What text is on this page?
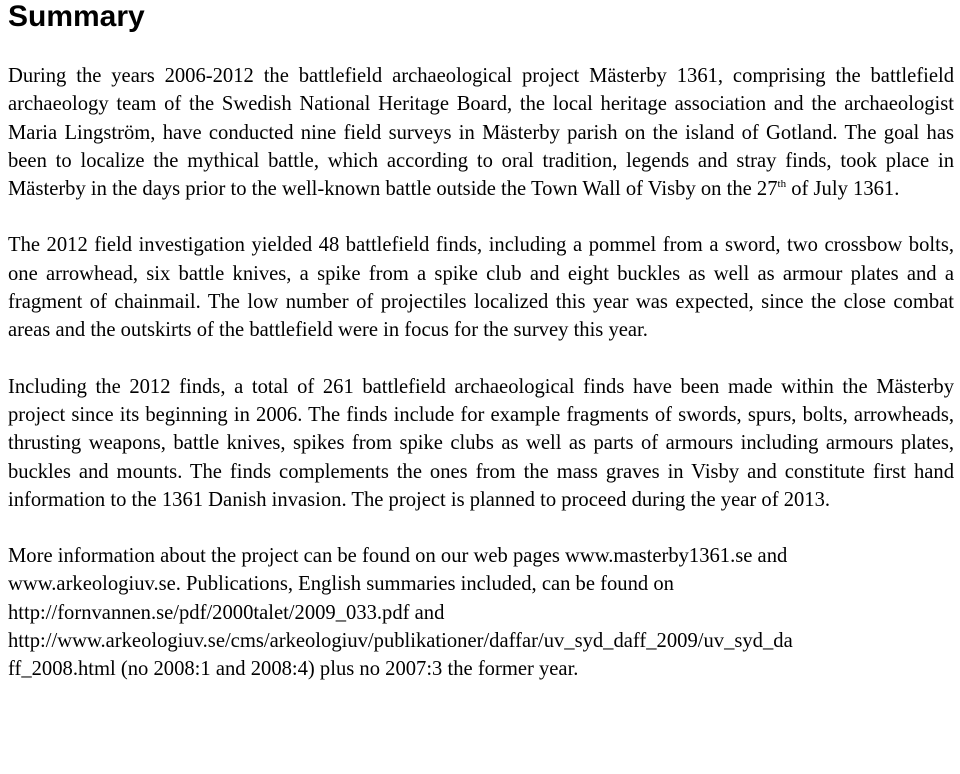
Summary

During the years 2006-2012 the battlefield archaeological project Mästerby 1361, comprising the battlefield archaeology team of the Swedish National Heritage Board, the local heritage association and the archaeologist Maria Lingström, have conducted nine field surveys in Mästerby parish on the island of Gotland. The goal has been to localize the mythical battle, which according to oral tradition, legends and stray finds, took place in Mästerby in the days prior to the well-known battle outside the Town Wall of Visby on the 27th of July 1361.

The 2012 field investigation yielded 48 battlefield finds, including a pommel from a sword, two crossbow bolts, one arrowhead, six battle knives, a spike from a spike club and eight buckles as well as armour plates and a fragment of chainmail. The low number of projectiles localized this year was expected, since the close combat areas and the outskirts of the battlefield were in focus for the survey this year.

Including the 2012 finds, a total of 261 battlefield archaeological finds have been made within the Mästerby project since its beginning in 2006. The finds include for example fragments of swords, spurs, bolts, arrowheads, thrusting weapons, battle knives, spikes from spike clubs as well as parts of armours including armours plates, buckles and mounts. The finds complements the ones from the mass graves in Visby and constitute first hand information to the 1361 Danish invasion. The project is planned to proceed during the year of 2013.

More information about the project can be found on our web pages www.masterby1361.se and
www.arkeologiuv.se. Publications, English summaries included, can be found on
http://fornvannen.se/pdf/2000talet/2009_033.pdf and
http://www.arkeologiuv.se/cms/arkeologiuv/publikationer/daffar/uv_syd_daff_2009/uv_syd_da
ff_2008.html (no 2008:1 and 2008:4) plus no 2007:3 the former year.
